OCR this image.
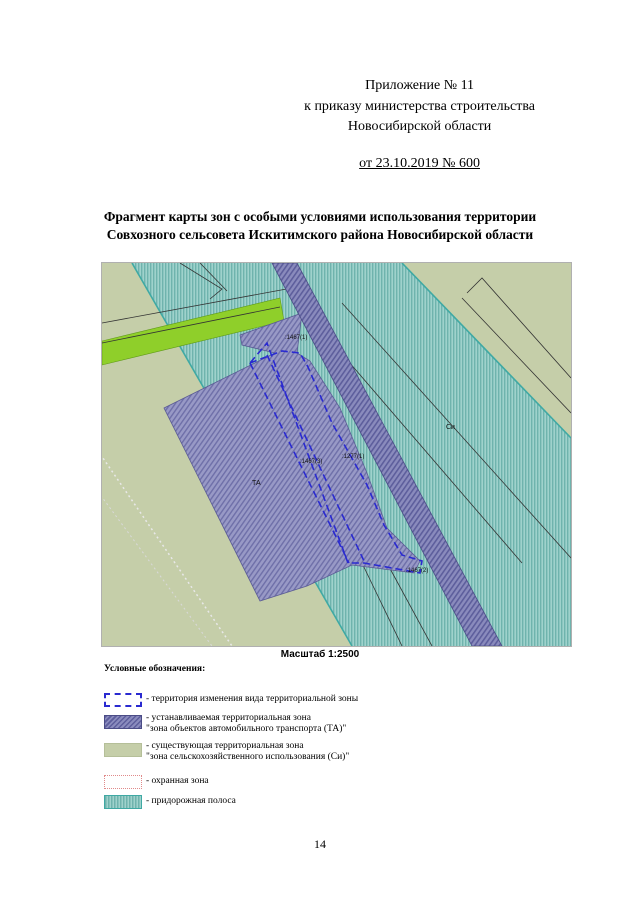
Приложение № 11
к приказу министерства строительства
Новосибирской области
от 23.10.2019 № 600
Фрагмент карты зон с особыми условиями использования территории
Совхозного сельсовета Искитимского района Новосибирской области
:1467(1)
:1467(3)
:1467(2)
:1277(1)
ТА
Си
Масштаб 1:2500
Условные обозначения:
- территория изменения вида территориальной зоны
- устанавливаемая территориальная зона
"зона объектов автомобильного транспорта (ТА)"
- существующая территориальная зона
"зона сельскохозяйственного использования (Си)"
- охранная зона
- придорожная полоса
14
